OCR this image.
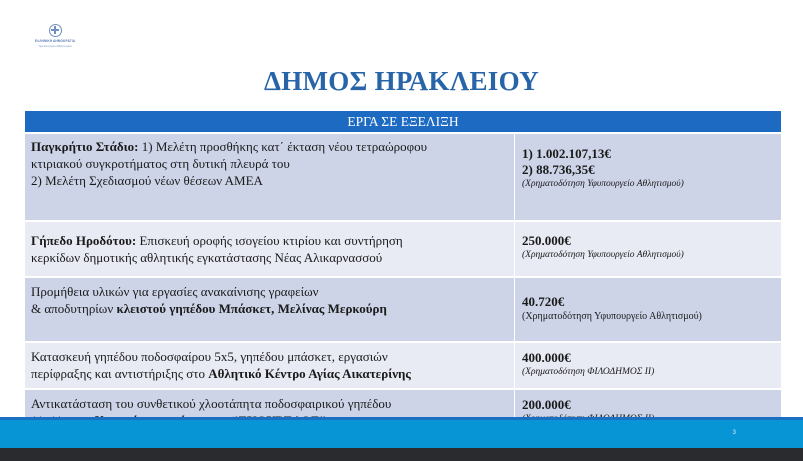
ΕΛΛΗΝΙΚΗ ΔΗΜΟΚΡΑΤΙΑ
Υφυπουργείο Αθλητισμού
ΔΗΜΟΣ ΗΡΑΚΛΕΙΟΥ
ΕΡΓΑ ΣΕ ΕΞΕΛΙΞΗ
Παγκρήτιο Στάδιο: 1) Μελέτη προσθήκης κατ΄ έκταση νέου τετραώροφου
κτιριακού συγκροτήματος στη δυτική πλευρά του
2) Μελέτη Σχεδιασμού νέων θέσεων ΑΜΕΑ
1) 1.002.107,13€
2) 88.736,35€
(Χρηματοδότηση Υφυπουργείο Αθλητισμού)
Γήπεδο Ηροδότου: Επισκευή οροφής ισογείου κτιρίου και συντήρηση
κερκίδων δημοτικής αθλητικής εγκατάστασης Νέας Αλικαρνασσού
250.000€
(Χρηματοδότηση Υφυπουργείο Αθλητισμού)
Προμήθεια υλικών για εργασίες ανακαίνισης γραφείων
& αποδυτηρίων κλειστού γηπέδου Μπάσκετ, Μελίνας Μερκούρη	40.720€
(Χρηματοδότηση Υφυπουργείο Αθλητισμού)
Κατασκευή γηπέδου ποδοσφαίρου 5x5, γηπέδου μπάσκετ, εργασιών
περίφραξης και αντιστήριξης στο Αθλητικό Κέντρο Αγίας Αικατερίνης
400.000€
(Χρηματοδότηση ΦΙΛΟΔΗΜΟΣ ΙΙ)
Αντικατάσταση του συνθετικού χλοοτάπητα ποδοσφαιρικού γηπέδου	200.000€
3
